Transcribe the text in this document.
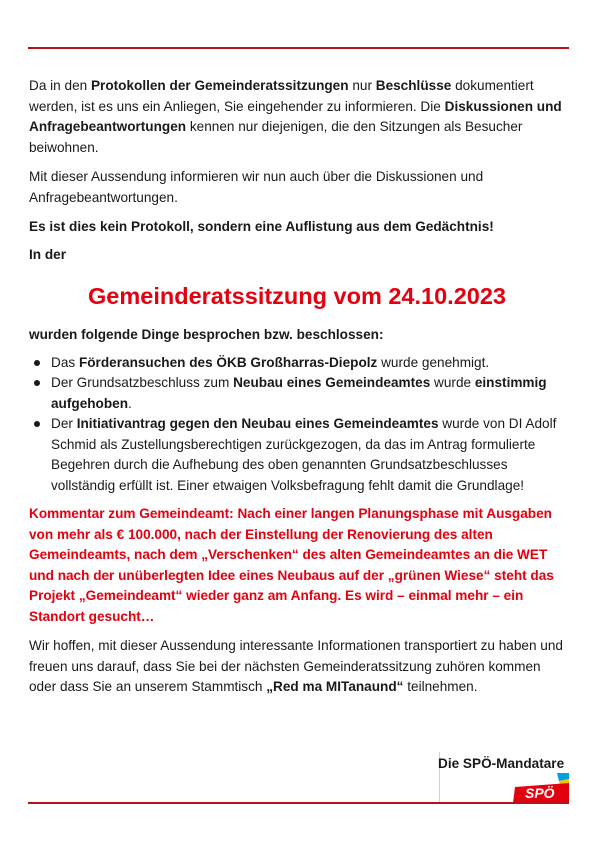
Da in den Protokollen der Gemeinderatssitzungen nur Beschlüsse dokumentiert werden, ist es uns ein Anliegen, Sie eingehender zu informieren. Die Diskussionen und Anfragebeantwortungen kennen nur diejenigen, die den Sitzungen als Besucher beiwohnen.

Mit dieser Aussendung informieren wir nun auch über die Diskussionen und Anfragebeantwortungen.

Es ist dies kein Protokoll, sondern eine Auflistung aus dem Gedächtnis!

In der

Gemeinderatssitzung vom 24.10.2023

wurden folgende Dinge besprochen bzw. beschlossen:

Das Förderansuchen des ÖKB Großharras-Diepolz wurde genehmigt.
Der Grundsatzbeschluss zum Neubau eines Gemeindeamtes wurde einstimmig aufgehoben.
Der Initiativantrag gegen den Neubau eines Gemeindeamtes wurde von DI Adolf Schmid als Zustellungsberechtigen zurückgezogen, da das im Antrag formulierte Begehren durch die Aufhebung des oben genannten Grundsatzbeschlusses vollständig erfüllt ist. Einer etwaigen Volksbefragung fehlt damit die Grundlage!

Kommentar zum Gemeindeamt: Nach einer langen Planungsphase mit Ausgaben von mehr als € 100.000, nach der Einstellung der Renovierung des alten Gemeindeamts, nach dem „Verschenken“ des alten Gemeindeamtes an die WET und nach der unüberlegten Idee eines Neubaus auf der „grünen Wiese“ steht das Projekt „Gemeindeamt“ wieder ganz am Anfang. Es wird – einmal mehr – ein Standort gesucht…

Wir hoffen, mit dieser Aussendung interessante Informationen transportiert zu haben und freuen uns darauf, dass Sie bei der nächsten Gemeinderatssitzung zuhören kommen oder dass Sie an unserem Stammtisch „Red ma MITanaund“ teilnehmen.

Die SPÖ-Mandatare
SPÖ
